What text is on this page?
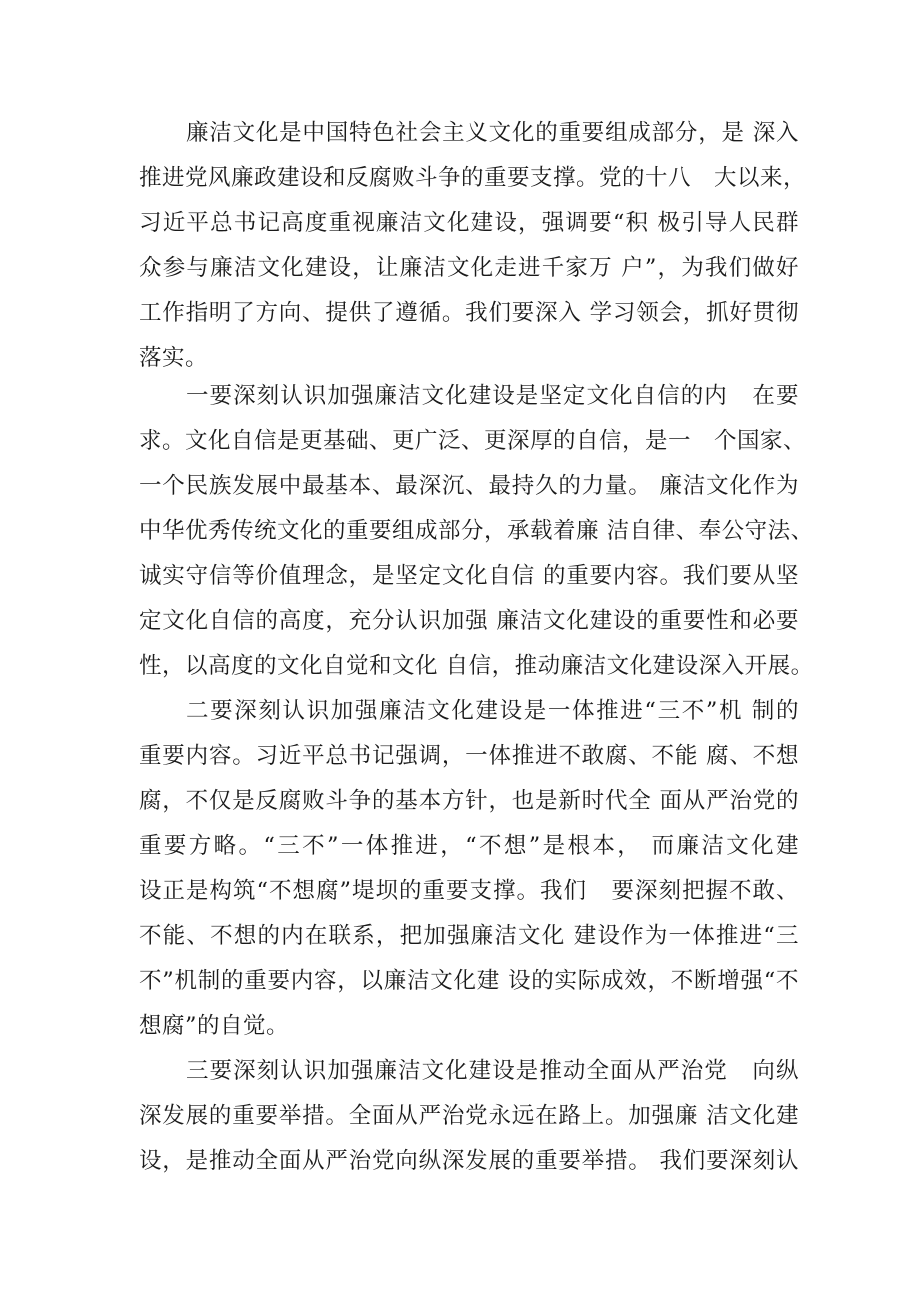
廉洁文化是中国特色社会主义文化的重要组成部分，是 深入

推进党风廉政建设和反腐败斗争的重要支撑。党的十八   大以来，

习近平总书记高度重视廉洁文化建设，强调要“积 极引导人民群

众参与廉洁文化建设，让廉洁文化走进千家万 户”，为我们做好

工作指明了方向、提供了遵循。我们要深入 学习领会，抓好贯彻

落实。

一要深刻认识加强廉洁文化建设是坚定文化自信的内   在要

求。文化自信是更基础、更广泛、更深厚的自信，是一   个国家、

一个民族发展中最基本、最深沉、最持久的力量。 廉洁文化作为

中华优秀传统文化的重要组成部分，承载着廉 洁自律、奉公守法、

诚实守信等价值理念，是坚定文化自信 的重要内容。我们要从坚

定文化自信的高度，充分认识加强 廉洁文化建设的重要性和必要

性，以高度的文化自觉和文化 自信，推动廉洁文化建设深入开展。

二要深刻认识加强廉洁文化建设是一体推进“三不”机 制的

重要内容。习近平总书记强调，一体推进不敢腐、不能 腐、不想

腐，不仅是反腐败斗争的基本方针，也是新时代全 面从严治党的

重要方略。“三不”一体推进，“不想”是根本， 而廉洁文化建

设正是构筑“不想腐”堤坝的重要支撑。我们   要深刻把握不敢、

不能、不想的内在联系，把加强廉洁文化 建设作为一体推进“三

不”机制的重要内容，以廉洁文化建 设的实际成效，不断增强“不

想腐”的自觉。

三要深刻认识加强廉洁文化建设是推动全面从严治党   向纵

深发展的重要举措。全面从严治党永远在路上。加强廉 洁文化建

设，是推动全面从严治党向纵深发展的重要举措。 我们要深刻认
